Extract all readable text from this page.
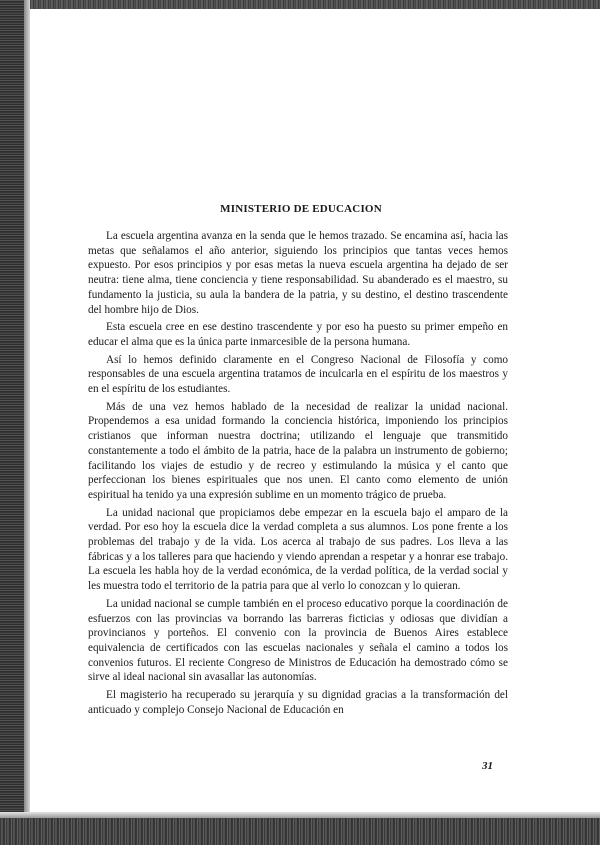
MINISTERIO DE EDUCACION

La escuela argentina avanza en la senda que le hemos trazado. Se encamina así, hacia las metas que señalamos el año anterior, siguiendo los principios que tantas veces hemos expuesto. Por esos principios y por esas metas la nueva escuela argentina ha dejado de ser neutra: tiene alma, tiene conciencia y tiene responsabilidad. Su abanderado es el maestro, su fundamento la justicia, su aula la bandera de la patria, y su destino, el destino trascendente del hombre hijo de Dios.

Esta escuela cree en ese destino trascendente y por eso ha puesto su primer empeño en educar el alma que es la única parte inmarcesible de la persona humana.

Así lo hemos definido claramente en el Congreso Nacional de Filosofía y como responsables de una escuela argentina tratamos de inculcarla en el espíritu de los maestros y en el espíritu de los estudiantes.

Más de una vez hemos hablado de la necesidad de realizar la unidad nacional. Propendemos a esa unidad formando la conciencia histórica, imponiendo los principios cristianos que informan nuestra doctrina; utilizando el lenguaje que transmitido constantemente a todo el ámbito de la patria, hace de la palabra un instrumento de gobierno; facilitando los viajes de estudio y de recreo y estimulando la música y el canto que perfeccionan los bienes espirituales que nos unen. El canto como elemento de unión espiritual ha tenido ya una expresión sublime en un momento trágico de prueba.

La unidad nacional que propiciamos debe empezar en la escuela bajo el amparo de la verdad. Por eso hoy la escuela dice la verdad completa a sus alumnos. Los pone frente a los problemas del trabajo y de la vida. Los acerca al trabajo de sus padres. Los lleva a las fábricas y a los talleres para que haciendo y viendo aprendan a respetar y a honrar ese trabajo. La escuela les habla hoy de la verdad económica, de la verdad política, de la verdad social y les muestra todo el territorio de la patria para que al verlo lo conozcan y lo quieran.

La unidad nacional se cumple también en el proceso educativo porque la coordinación de esfuerzos con las provincias va borrando las barreras ficticias y odiosas que dividían a provincianos y porteños. El convenio con la provincia de Buenos Aires establece equivalencia de certificados con las escuelas nacionales y señala el camino a todos los convenios futuros. El reciente Congreso de Ministros de Educación ha demostrado cómo se sirve al ideal nacional sin avasallar las autonomías.

El magisterio ha recuperado su jerarquía y su dignidad gracias a la transformación del anticuado y complejo Consejo Nacional de Educación en

31
